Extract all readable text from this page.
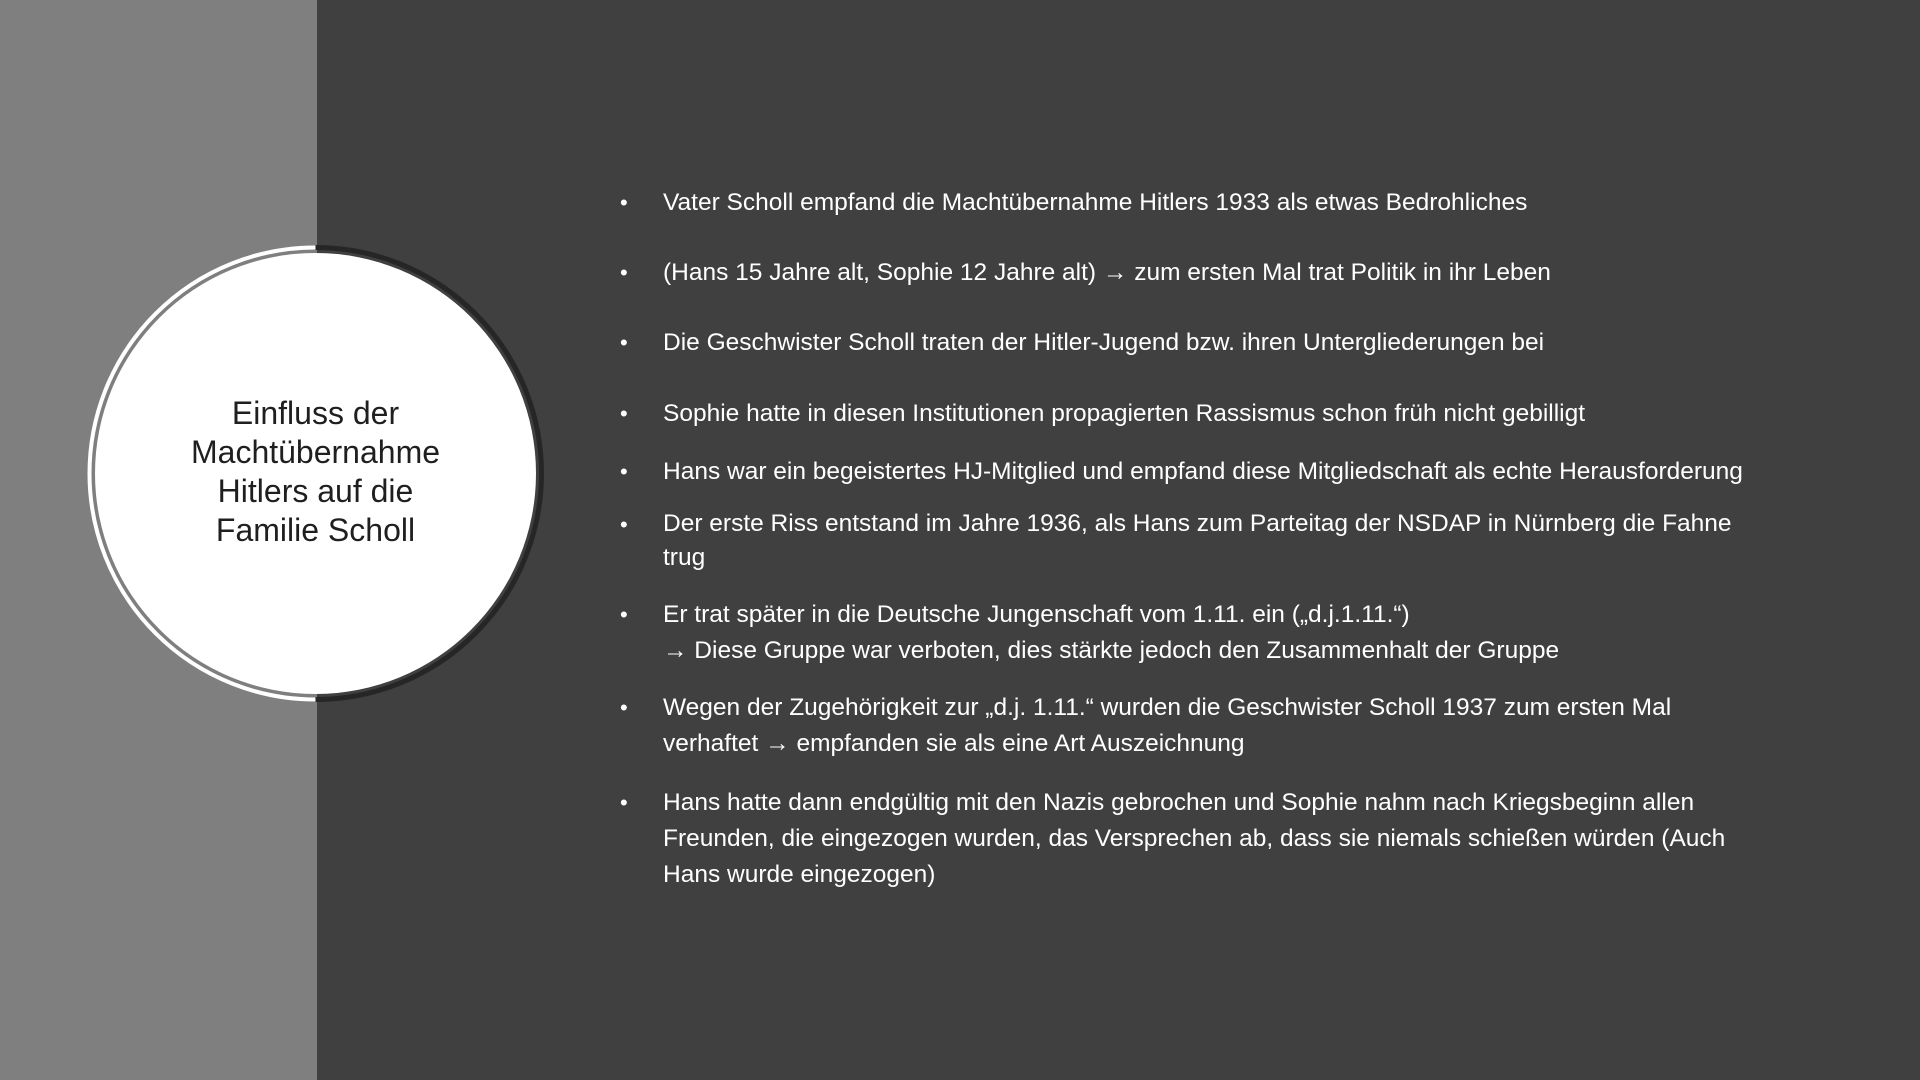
Einfluss der Machtübernahme Hitlers auf die Familie Scholl
•	Vater Scholl empfand die Machtübernahme Hitlers 1933 als etwas Bedrohliches
•	(Hans 15 Jahre alt, Sophie 12 Jahre alt) → zum ersten Mal trat Politik in ihr Leben
•	Die Geschwister Scholl traten der Hitler-Jugend bzw. ihren Untergliederungen bei
•	Sophie hatte in diesen Institutionen propagierten Rassismus schon früh nicht gebilligt
•	Hans war ein begeistertes HJ-Mitglied und empfand diese Mitgliedschaft als echte Herausforderung
•	Der erste Riss entstand im Jahre 1936, als Hans zum Parteitag der NSDAP in Nürnberg die Fahne trug
•	Er trat später in die Deutsche Jungenschaft vom 1.11. ein („d.j.1.11.“)
→ Diese Gruppe war verboten, dies stärkte jedoch den Zusammenhalt der Gruppe
•	Wegen der Zugehörigkeit zur „d.j. 1.11.“ wurden die Geschwister Scholl 1937 zum ersten Mal verhaftet → empfanden sie als eine Art Auszeichnung
•	Hans hatte dann endgültig mit den Nazis gebrochen und Sophie nahm nach Kriegsbeginn allen Freunden, die eingezogen wurden, das Versprechen ab, dass sie niemals schießen würden (Auch Hans wurde eingezogen)
